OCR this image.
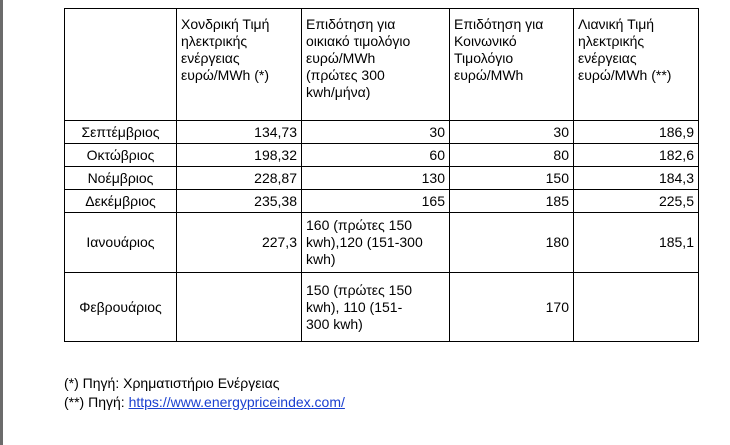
	Χονδρική Τιμή
ηλεκτρικής
ενέργειας
ευρώ/MWh (*)	Επιδότηση για
οικιακό τιμολόγιο
ευρώ/MWh
(πρώτες 300
kwh/μήνα)	Επιδότηση για
Κοινωνικό
Τιμολόγιο
ευρώ/MWh	Λιανική Τιμή
ηλεκτρικής
ενέργειας
ευρώ/MWh (**)

Σεπτέμβριος	134,73	30	30	186,9
Οκτώβριος	198,32	60	80	182,6
Νοέμβριος	228,87	130	150	184,3
Δεκέμβριος	235,38	165	185	225,5
Ιανουάριος	227,3	160 (πρώτες 150
kwh),120 (151-300
kwh)	180	185,1
Φεβρουάριος		150 (πρώτες 150
kwh), 110 (151-
300 kwh)	170	
(*) Πηγή: Χρηματιστήριο Ενέργειας
(**) Πηγή: https://www.energypriceindex.com/
